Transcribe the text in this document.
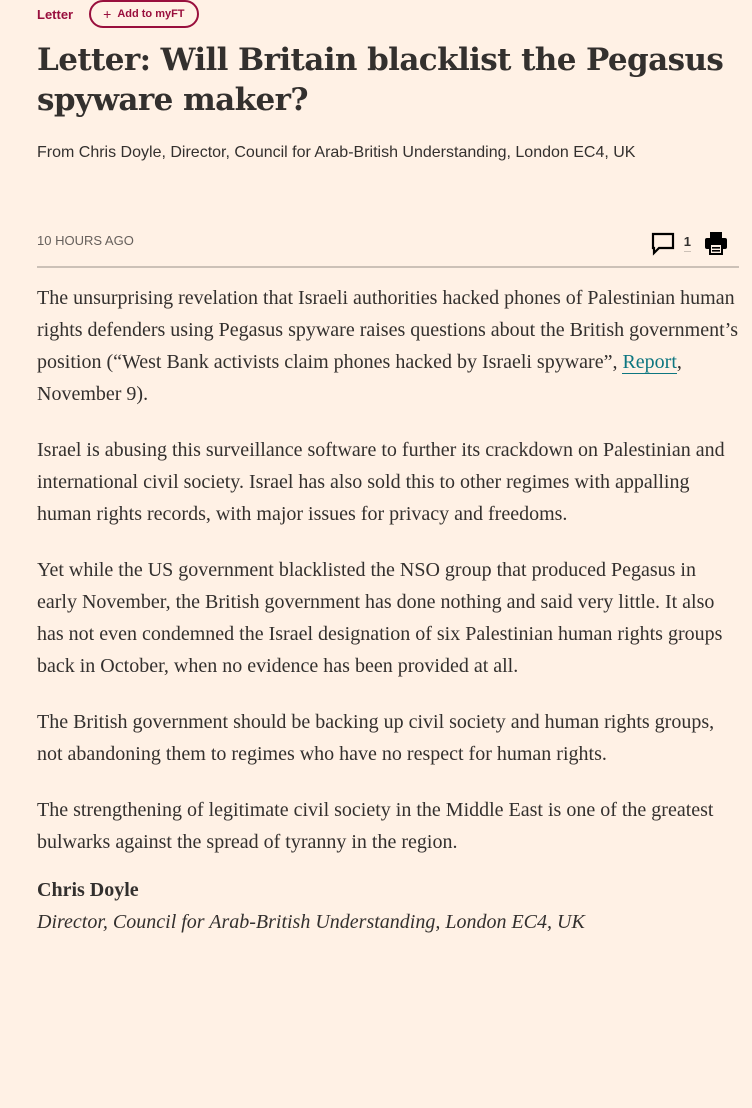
Letter + Add to myFT
Letter: Will Britain blacklist the Pegasus spyware maker?

From Chris Doyle, Director, Council for Arab-British Understanding, London EC4, UK

10 HOURS AGO	1

The unsurprising revelation that Israeli authorities hacked phones of Palestinian human rights defenders using Pegasus spyware raises questions about the British government’s position (“West Bank activists claim phones hacked by Israeli spyware”, Report, November 9).

Israel is abusing this surveillance software to further its crackdown on Palestinian and international civil society. Israel has also sold this to other regimes with appalling human rights records, with major issues for privacy and freedoms.

Yet while the US government blacklisted the NSO group that produced Pegasus in early November, the British government has done nothing and said very little. It also has not even condemned the Israel designation of six Palestinian human rights groups back in October, when no evidence has been provided at all.

The British government should be backing up civil society and human rights groups, not abandoning them to regimes who have no respect for human rights.

The strengthening of legitimate civil society in the Middle East is one of the greatest bulwarks against the spread of tyranny in the region.

Chris Doyle
Director, Council for Arab-British Understanding, London EC4, UK
